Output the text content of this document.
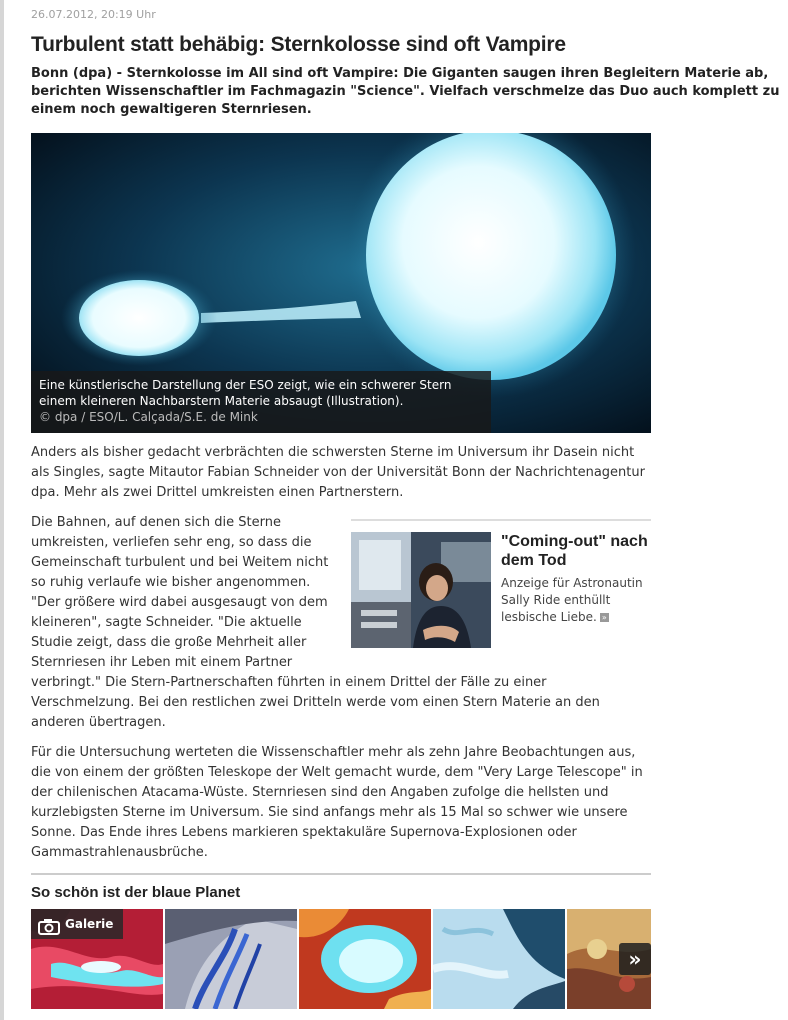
26.07.2012, 20:19 Uhr
Turbulent statt behäbig: Sternkolosse sind oft Vampire

Bonn (dpa) - Sternkolosse im All sind oft Vampire: Die Giganten saugen ihren Begleitern Materie ab, berichten Wissenschaftler im Fachmagazin "Science". Vielfach verschmelze das Duo auch komplett zu einem noch gewaltigeren Sternriesen.

Eine künstlerische Darstellung der ESO zeigt, wie ein schwerer Stern einem kleineren Nachbarstern Materie absaugt (Illustration).
© dpa / ESO/L. Calçada/S.E. de Mink

Anders als bisher gedacht verbrächten die schwersten Sterne im Universum ihr Dasein nicht als Singles, sagte Mitautor Fabian Schneider von der Universität Bonn der Nachrichtenagentur dpa. Mehr als zwei Drittel umkreisten einen Partnerstern.

Die Bahnen, auf denen sich die Sterne umkreisten, verliefen sehr eng, so dass die Gemeinschaft turbulent und bei Weitem nicht so ruhig verlaufe wie bisher angenommen. "Der größere wird dabei ausgesaugt von dem kleineren", sagte Schneider. "Die aktuelle Studie zeigt, dass die große Mehrheit aller Sternriesen ihr Leben mit einem Partner

"Coming-out" nach dem Tod
Anzeige für Astronautin Sally Ride enthüllt lesbische Liebe. »

verbringt." Die Stern-Partnerschaften führten in einem Drittel der Fälle zu einer Verschmelzung. Bei den restlichen zwei Dritteln werde vom einen Stern Materie an den anderen übertragen.

Für die Untersuchung werteten die Wissenschaftler mehr als zehn Jahre Beobachtungen aus, die von einem der größten Teleskope der Welt gemacht wurde, dem "Very Large Telescope" in der chilenischen Atacama-Wüste. Sternriesen sind den Angaben zufolge die hellsten und kurzlebigsten Sterne im Universum. Sie sind anfangs mehr als 15 Mal so schwer wie unsere Sonne. Das Ende ihres Lebens markieren spektakuläre Supernova-Explosionen oder Gammastrahlenausbrüche.

So schön ist der blaue Planet
Galerie
»
